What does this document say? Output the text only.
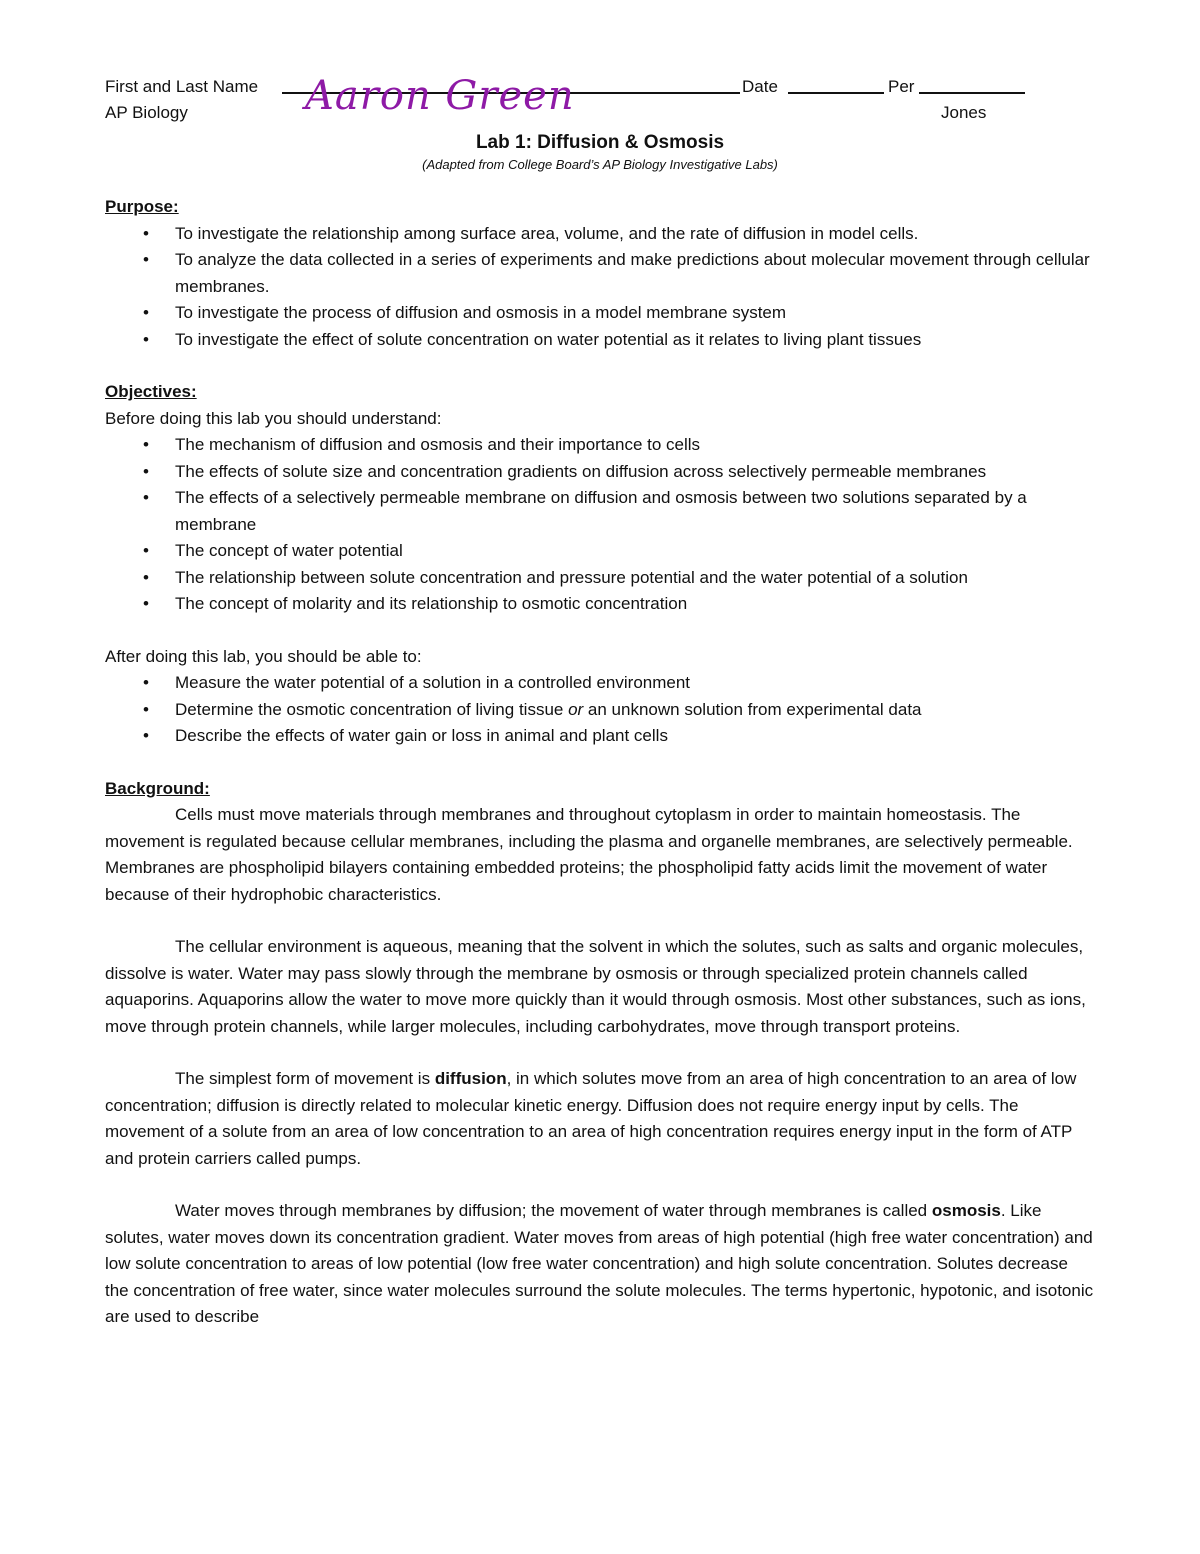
First and Last Name Aaron Green	Date	Per
AP Biology	Jones
Lab 1: Diffusion & Osmosis
(Adapted from College Board’s AP Biology Investigative Labs)

Purpose:

• To investigate the relationship among surface area, volume, and the rate of diffusion in model cells.
• To analyze the data collected in a series of experiments and make predictions about molecular movement through cellular membranes.
• To investigate the process of diffusion and osmosis in a model membrane system
• To investigate the effect of solute concentration on water potential as it relates to living plant tissues

Objectives:

Before doing this lab you should understand:

• The mechanism of diffusion and osmosis and their importance to cells
• The effects of solute size and concentration gradients on diffusion across selectively permeable membranes
• The effects of a selectively permeable membrane on diffusion and osmosis between two solutions separated by a membrane
• The concept of water potential
• The relationship between solute concentration and pressure potential and the water potential of a solution
• The concept of molarity and its relationship to osmotic concentration

After doing this lab, you should be able to:

• Measure the water potential of a solution in a controlled environment
• Determine the osmotic concentration of living tissue or an unknown solution from experimental data
• Describe the effects of water gain or loss in animal and plant cells

Background:

Cells must move materials through membranes and throughout cytoplasm in order to maintain homeostasis. The movement is regulated because cellular membranes, including the plasma and organelle membranes, are selectively permeable. Membranes are phospholipid bilayers containing embedded proteins; the phospholipid fatty acids limit the movement of water because of their hydrophobic characteristics.

The cellular environment is aqueous, meaning that the solvent in which the solutes, such as salts and organic molecules, dissolve is water. Water may pass slowly through the membrane by osmosis or through specialized protein channels called aquaporins. Aquaporins allow the water to move more quickly than it would through osmosis. Most other substances, such as ions, move through protein channels, while larger molecules, including carbohydrates, move through transport proteins.

The simplest form of movement is diffusion, in which solutes move from an area of high concentration to an area of low concentration; diffusion is directly related to molecular kinetic energy. Diffusion does not require energy input by cells. The movement of a solute from an area of low concentration to an area of high concentration requires energy input in the form of ATP and protein carriers called pumps.

Water moves through membranes by diffusion; the movement of water through membranes is called osmosis. Like solutes, water moves down its concentration gradient. Water moves from areas of high potential (high free water concentration) and low solute concentration to areas of low potential (low free water concentration) and high solute concentration. Solutes decrease the concentration of free water, since water molecules surround the solute molecules. The terms hypertonic, hypotonic, and isotonic are used to describe
